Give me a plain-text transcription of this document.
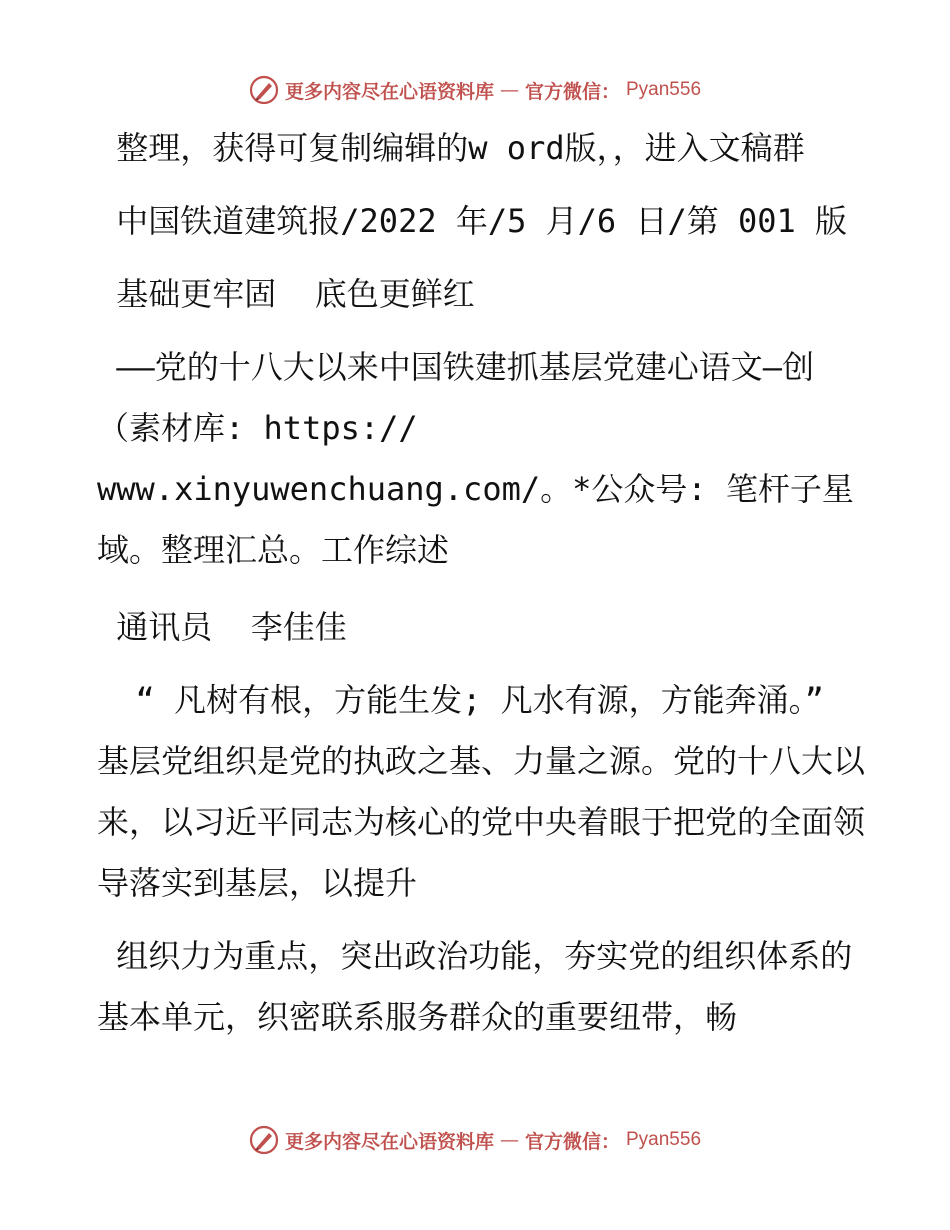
更多内容尽在心语资料库 — 官方微信： Pyan556

整理，获得可复制编辑的w ord版，，进入文稿群

中国铁道建筑报/2022 年/5 月/6 日/第 001 版

基础更牢固  底色更鲜红

——党的十八大以来中国铁建抓基层党建心语文—创（素材库: https://
www.xinyuwenchuang.com/。*公众号: 笔杆子星域。整理汇总。工作综述

通讯员  李佳佳

“ 凡树有根，方能生发; 凡水有源，方能奔涌。” 基层党组织是党的执政之基、力量之源。党的十八大以来，以习近平同志为核心的党中央着眼于把党的全面领导落实到基层，以提升

组织力为重点，突出政治功能，夯实党的组织体系的基本单元，织密联系服务群众的重要纽带，畅

更多内容尽在心语资料库 — 官方微信： Pyan556
